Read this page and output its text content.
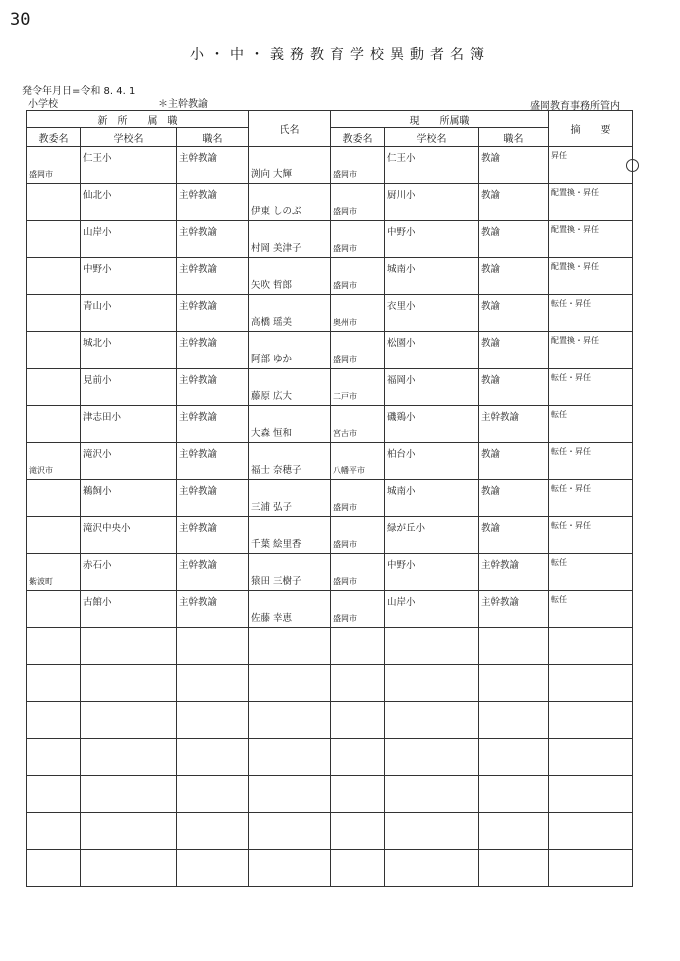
30
小・中・義務教育学校異動者名簿
発令年月日=令和 8. 4. 1
小学校	＊主幹教諭	盛岡教育事務所管内
新　所　　属　職			氏名	現　　所属職			摘　　要
教委名	学校名	職名		教委名	学校名	職名	

盛岡市	仁王小	主幹教諭	渕向 大輝	盛岡市	仁王小	教諭	昇任

	仙北小	主幹教諭	伊東 しのぶ	盛岡市	厨川小	教諭	配置換・昇任

	山岸小	主幹教諭	村岡 美津子	盛岡市	中野小	教諭	配置換・昇任

	中野小	主幹教諭	矢吹 哲郎	盛岡市	城南小	教諭	配置換・昇任

	青山小	主幹教諭	高橋 瑶美	奥州市	衣里小	教諭	転任・昇任

	城北小	主幹教諭	阿部 ゆか	盛岡市	松園小	教諭	配置換・昇任

	見前小	主幹教諭	藤原 広大	二戸市	福岡小	教諭	転任・昇任

	津志田小	主幹教諭	大森 恒和	宮古市	磯鶏小	主幹教諭	転任

滝沢市	滝沢小	主幹教諭	福士 奈穂子	八幡平市	柏台小	教諭	転任・昇任

	鵜飼小	主幹教諭	三浦 弘子	盛岡市	城南小	教諭	転任・昇任

	滝沢中央小	主幹教諭	千葉 絵里香	盛岡市	緑が丘小	教諭	転任・昇任

紫波町	赤石小	主幹教諭	猿田 三樹子	盛岡市	中野小	主幹教諭	転任

	古館小	主幹教諭	佐藤 幸恵	盛岡市	山岸小	主幹教諭	転任
